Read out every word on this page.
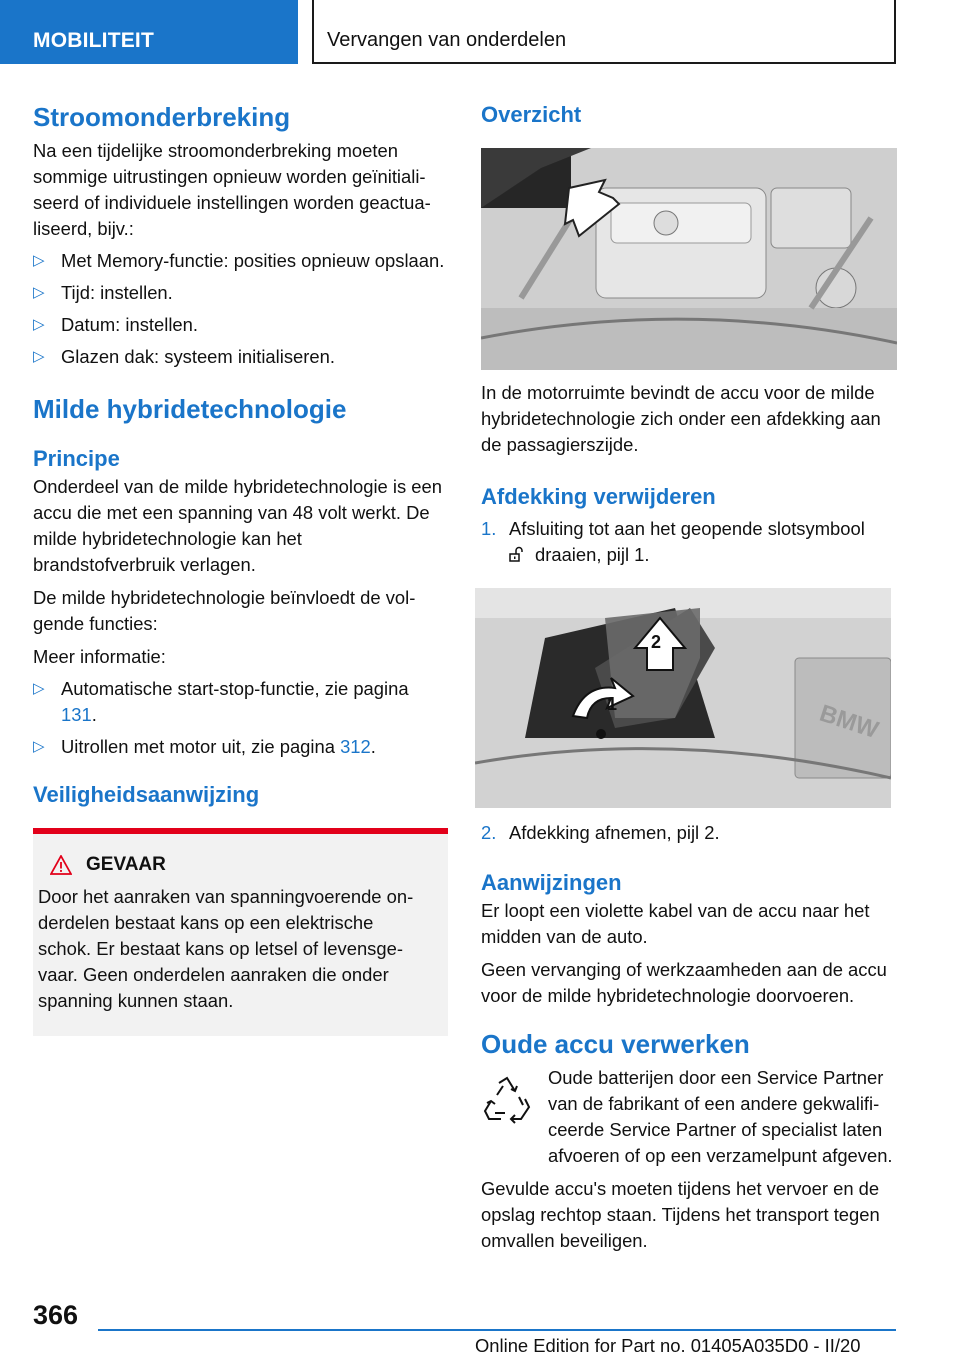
MOBILITEIT	Vervangen van onderdelen
Stroomonderbreking

Na een tijdelijke stroomonderbreking moeten sommige uitrustingen opnieuw worden geïnitialiseerd of individuele instellingen worden geactualiseerd, bijv.:

▷ Met Memory-functie: posities opnieuw opslaan.
▷ Tijd: instellen.
▷ Datum: instellen.
▷ Glazen dak: systeem initialiseren.
Milde hybridetechnologie
Principe

Onderdeel van de milde hybridetechnologie is een accu die met een spanning van 48 volt werkt. De milde hybridetechnologie kan het brandstofverbruik verlagen.

De milde hybridetechnologie beïnvloedt de volgende functies:

Meer informatie:

▷ Automatische start-stop-functie, zie pagina 131.
▷ Uitrollen met motor uit, zie pagina 312.
Veiligheidsaanwijzing
GEVAAR

Door het aanraken van spanningvoerende onderdelen bestaat kans op een elektrische schok. Er bestaat kans op letsel of levensgevaar. Geen onderdelen aanraken die onder spanning kunnen staan.

Overzicht

In de motorruimte bevindt de accu voor de milde hybridetechnologie zich onder een afdekking aan de passagierszijde.

Afdekking verwijderen
1. Afsluiting tot aan het geopende slotsymbool
draaien, pijl 1.
BMW
2
1
2. Afdekking afnemen, pijl 2.
Aanwijzingen

Er loopt een violette kabel van de accu naar het midden van de auto.

Geen vervanging of werkzaamheden aan de accu voor de milde hybridetechnologie doorvoeren.

Oude accu verwerken

Oude batterijen door een Service Partner van de fabrikant of een andere gekwalificeerde Service Partner of specialist laten afvoeren of op een verzamelpunt afgeven.

Gevulde accu's moeten tijdens het vervoer en de opslag rechtop staan. Tijdens het transport tegen omvallen beveiligen.

366
Online Edition for Part no. 01405A035D0 - II/20
